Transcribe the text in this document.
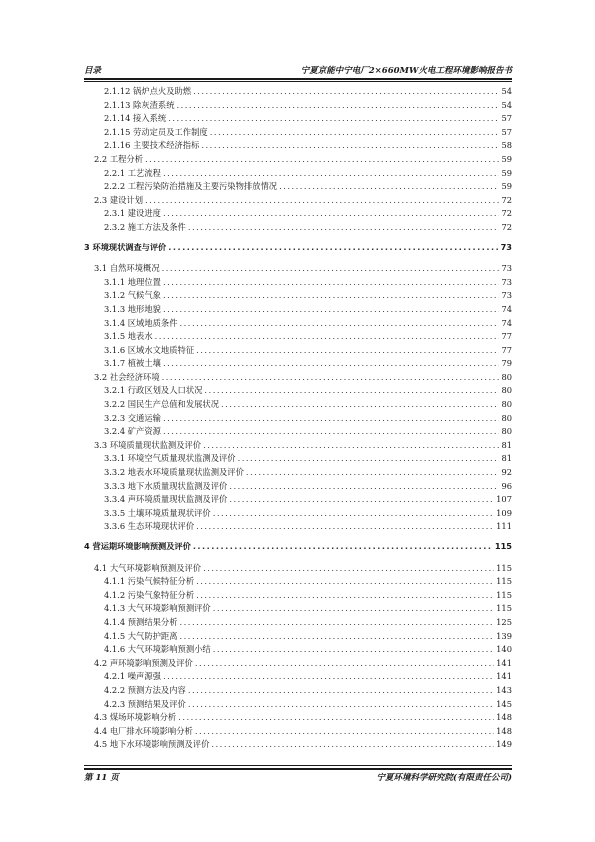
目录	宁夏京能中宁电厂2×660MW火电工程环境影响报告书
2.1.12 锅炉点火及助燃 .....	54
2.1.13 除灰渣系统 .....	54
2.1.14 接入系统 .....	57
2.1.15 劳动定员及工作制度 .....	57
2.1.16 主要技术经济指标 .....	58
2.2 工程分析 .....	59
2.2.1 工艺流程 .....	59
2.2.2 工程污染防治措施及主要污染物排放情况 .....	59
2.3 建设计划 .....	72
2.3.1 建设进度 .....	72
2.3.2 施工方法及条件 .....	72
3 环境现状调查与评价 .....	73
3.1 自然环境概况 .....	73
3.1.1 地理位置 .....	73
3.1.2 气候气象 .....	73
3.1.3 地形地貌 .....	74
3.1.4 区域地质条件 .....	74
3.1.5 地表水 .....	77
3.1.6 区域水文地质特征 .....	77
3.1.7 植被土壤 .....	79
3.2 社会经济环境 .....	80
3.2.1 行政区划及人口状况 .....	80
3.2.2 国民生产总值和发展状况 .....	80
3.2.3 交通运输 .....	80
3.2.4 矿产资源 .....	80
3.3 环境质量现状监测及评价 .....	81
3.3.1 环境空气质量现状监测及评价 .....	81
3.3.2 地表水环境质量现状监测及评价 .....	92
3.3.3 地下水质量现状监测及评价 .....	96
3.3.4 声环境质量现状监测及评价 .....	107
3.3.5 土壤环境质量现状评价 .....	109
3.3.6 生态环境现状评价 .....	111
4 营运期环境影响预测及评价 .....	115
4.1 大气环境影响预测及评价 .....	115
4.1.1 污染气候特征分析 .....	115
4.1.2 污染气象特征分析 .....	115
4.1.3 大气环境影响预测评价 .....	115
4.1.4 预测结果分析 .....	125
4.1.5 大气防护距离 .....	139
4.1.6 大气环境影响预测小结 .....	140
4.2 声环境影响预测及评价 .....	141
4.2.1 噪声源强 .....	141
4.2.2 预测方法及内容 .....	143
4.2.3 预测结果及评价 .....	145
4.3 煤场环境影响分析 .....	148
4.4 电厂排水环境影响分析 .....	148
4.5 地下水环境影响预测及评价 .....	149
第 11 页	宁夏环境科学研究院(有限责任公司)
